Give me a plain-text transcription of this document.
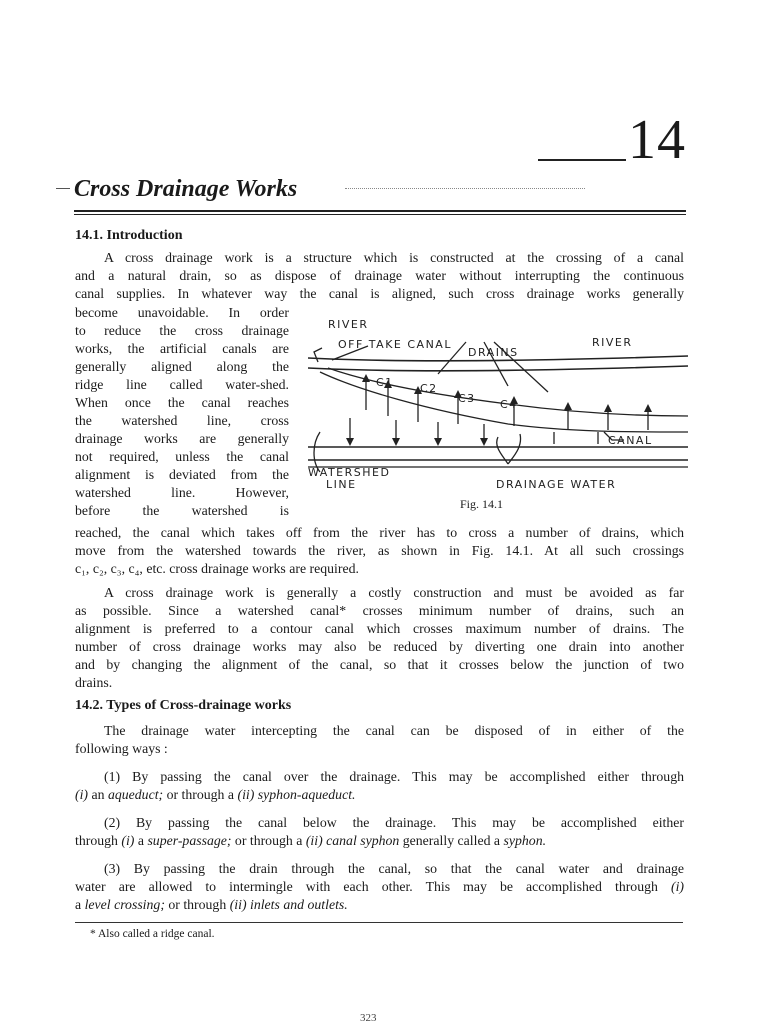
14
Cross Drainage Works
14.1. Introduction
A cross drainage work is a structure which is constructed at the crossing of a canal
and a natural drain, so as dispose of drainage water without interrupting the continuous
canal supplies. In whatever way the canal is aligned, such cross drainage works generally
become unavoidable. In order
to reduce the cross drainage
works, the artificial canals are
generally aligned along the
ridge line called water-shed.
When once the canal reaches
the watershed line, cross
drainage works are generally
not required, unless the canal
alignment is deviated from the
watershed line. However,
before the watershed is
reached, the canal which takes off from the river has to cross a number of drains, which
move from the watershed towards the river, as shown in Fig. 14.1. At all such crossings
c₁, c₂, c₃, c₄, etc. cross drainage works are required.
RIVER
OFF TAKE CANAL
DRAINS
RIVER
CANAL
WATERSHED
LINE	DRAINAGE WATER
C1 C2
C3 C4
Fig. 14.1
A cross drainage work is generally a costly construction and must be avoided as far
as possible. Since a watershed canal* crosses minimum number of drains, such an
alignment is preferred to a contour canal which crosses maximum number of drains. The
number of cross drainage works may also be reduced by diverting one drain into another
and by changing the alignment of the canal, so that it crosses below the junction of two
drains.
14.2. Types of Cross-drainage works
The drainage water intercepting the canal can be disposed of in either of the
following ways :
(1) By passing the canal over the drainage. This may be accomplished either through
(i) an aqueduct; or through a (ii) syphon-aqueduct.
(2) By passing the canal below the drainage. This may be accomplished either
through (i) a super-passage; or through a (ii) canal syphon generally called a syphon.
(3) By passing the drain through the canal, so that the canal water and drainage
water are allowed to intermingle with each other. This may be accomplished through (i)
a level crossing; or through (ii) inlets and outlets.
* Also called a ridge canal.
323
